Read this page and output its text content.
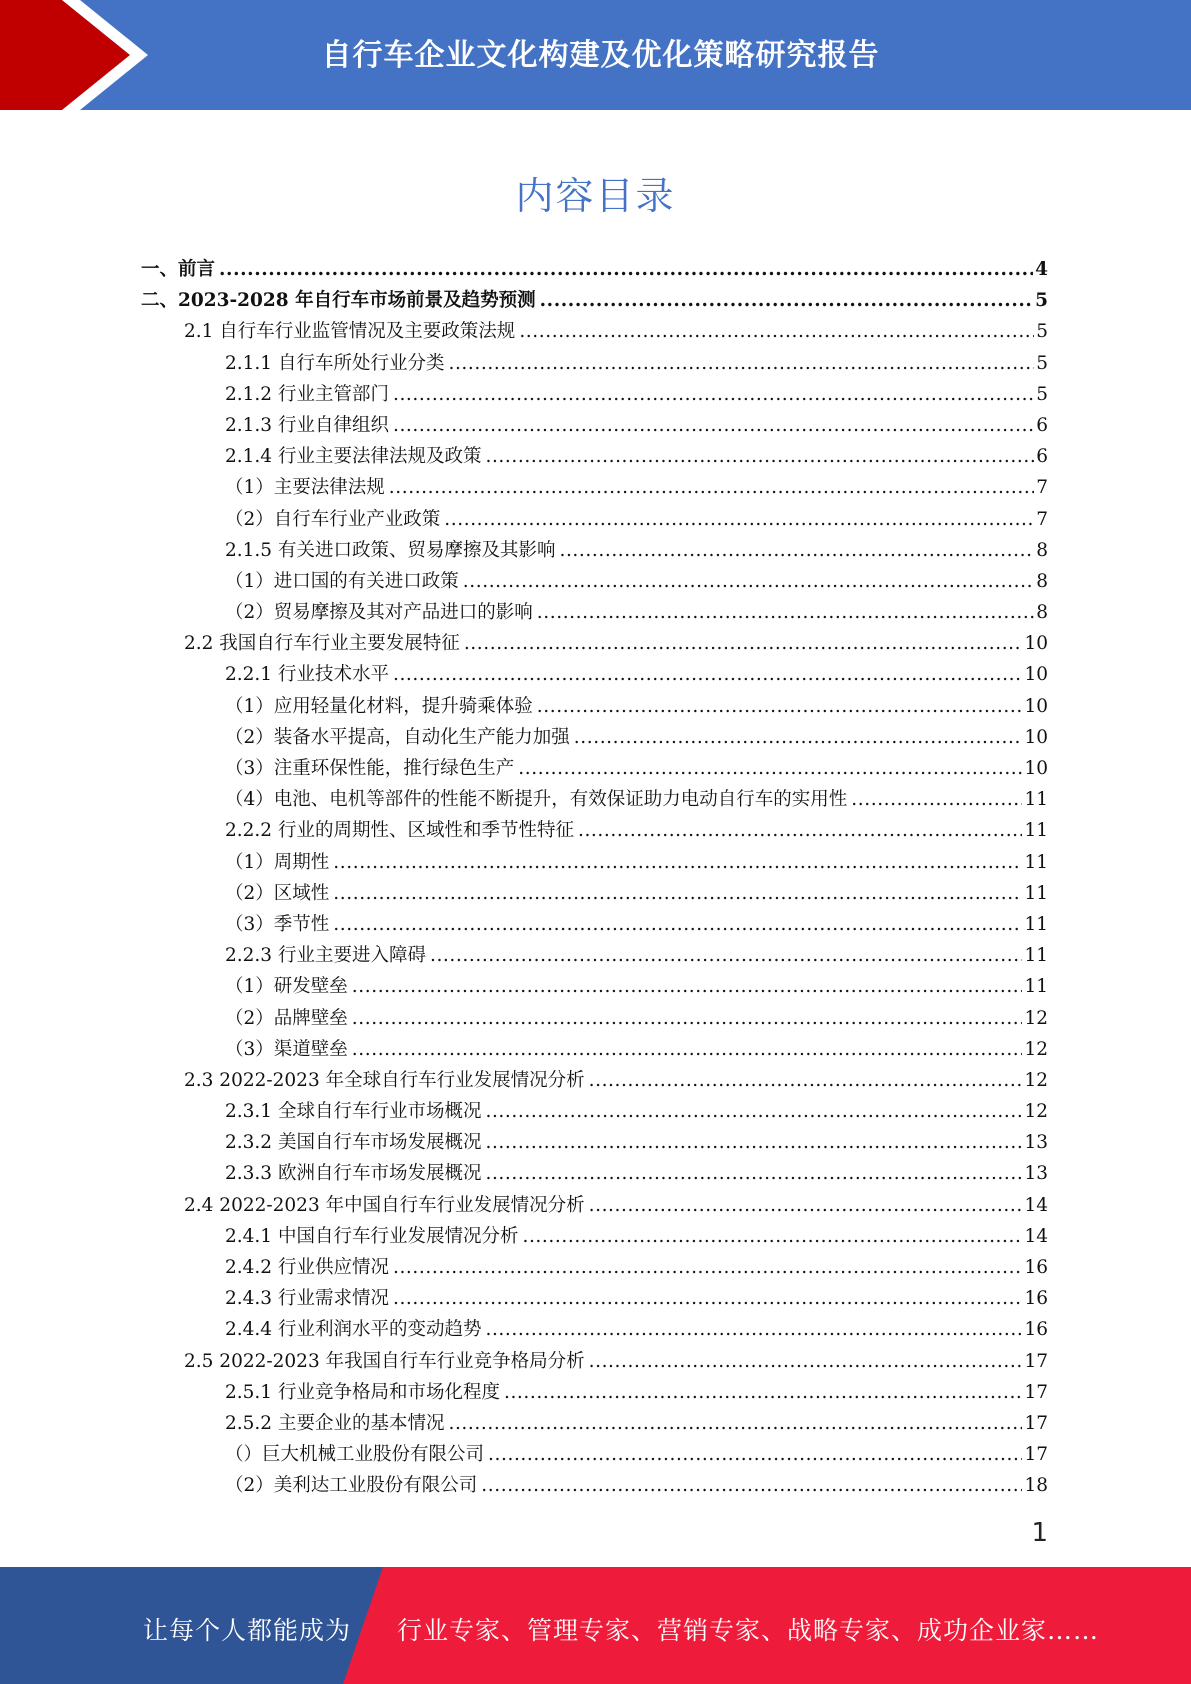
自行车企业文化构建及优化策略研究报告
内容目录
一、前言 .....	4
二、2023-2028 年自行车市场前景及趋势预测 .....	5
2.1 自行车行业监管情况及主要政策法规 .....	5
2.1.1 自行车所处行业分类 .....	5
2.1.2 行业主管部门 .....	5
2.1.3 行业自律组织 .....	6
2.1.4 行业主要法律法规及政策 .....	6
（1）主要法律法规 .....	7
（2）自行车行业产业政策 .....	7
2.1.5 有关进口政策、贸易摩擦及其影响 .....	8
（1）进口国的有关进口政策 .....	8
（2）贸易摩擦及其对产品进口的影响 .....	8
2.2 我国自行车行业主要发展特征 .....	10
2.2.1 行业技术水平 .....	10
（1）应用轻量化材料，提升骑乘体验 .....	10
（2）装备水平提高，自动化生产能力加强 .....	10
（3）注重环保性能，推行绿色生产 .....	10
（4）电池、电机等部件的性能不断提升，有效保证助力电动自行车的实用性 .....	11
2.2.2 行业的周期性、区域性和季节性特征 .....	11
（1）周期性 .....	11
（2）区域性 .....	11
（3）季节性 .....	11
2.2.3 行业主要进入障碍 .....	11
（1）研发壁垒 .....	11
（2）品牌壁垒 .....	12
（3）渠道壁垒 .....	12
2.3 2022-2023 年全球自行车行业发展情况分析 .....	12
2.3.1 全球自行车行业市场概况 .....	12
2.3.2 美国自行车市场发展概况 .....	13
2.3.3 欧洲自行车市场发展概况 .....	13
2.4 2022-2023 年中国自行车行业发展情况分析 .....	14
2.4.1 中国自行车行业发展情况分析 .....	14
2.4.2 行业供应情况 .....	16
2.4.3 行业需求情况 .....	16
2.4.4 行业利润水平的变动趋势 .....	16
2.5 2022-2023 年我国自行车行业竞争格局分析 .....	17
2.5.1 行业竞争格局和市场化程度 .....	17
2.5.2 主要企业的基本情况 .....	17
（）巨大机械工业股份有限公司 .....	17
（2）美利达工业股份有限公司 .....	18
1
让每个人都能成为 行业专家、管理专家、营销专家、战略专家、成功企业家……
